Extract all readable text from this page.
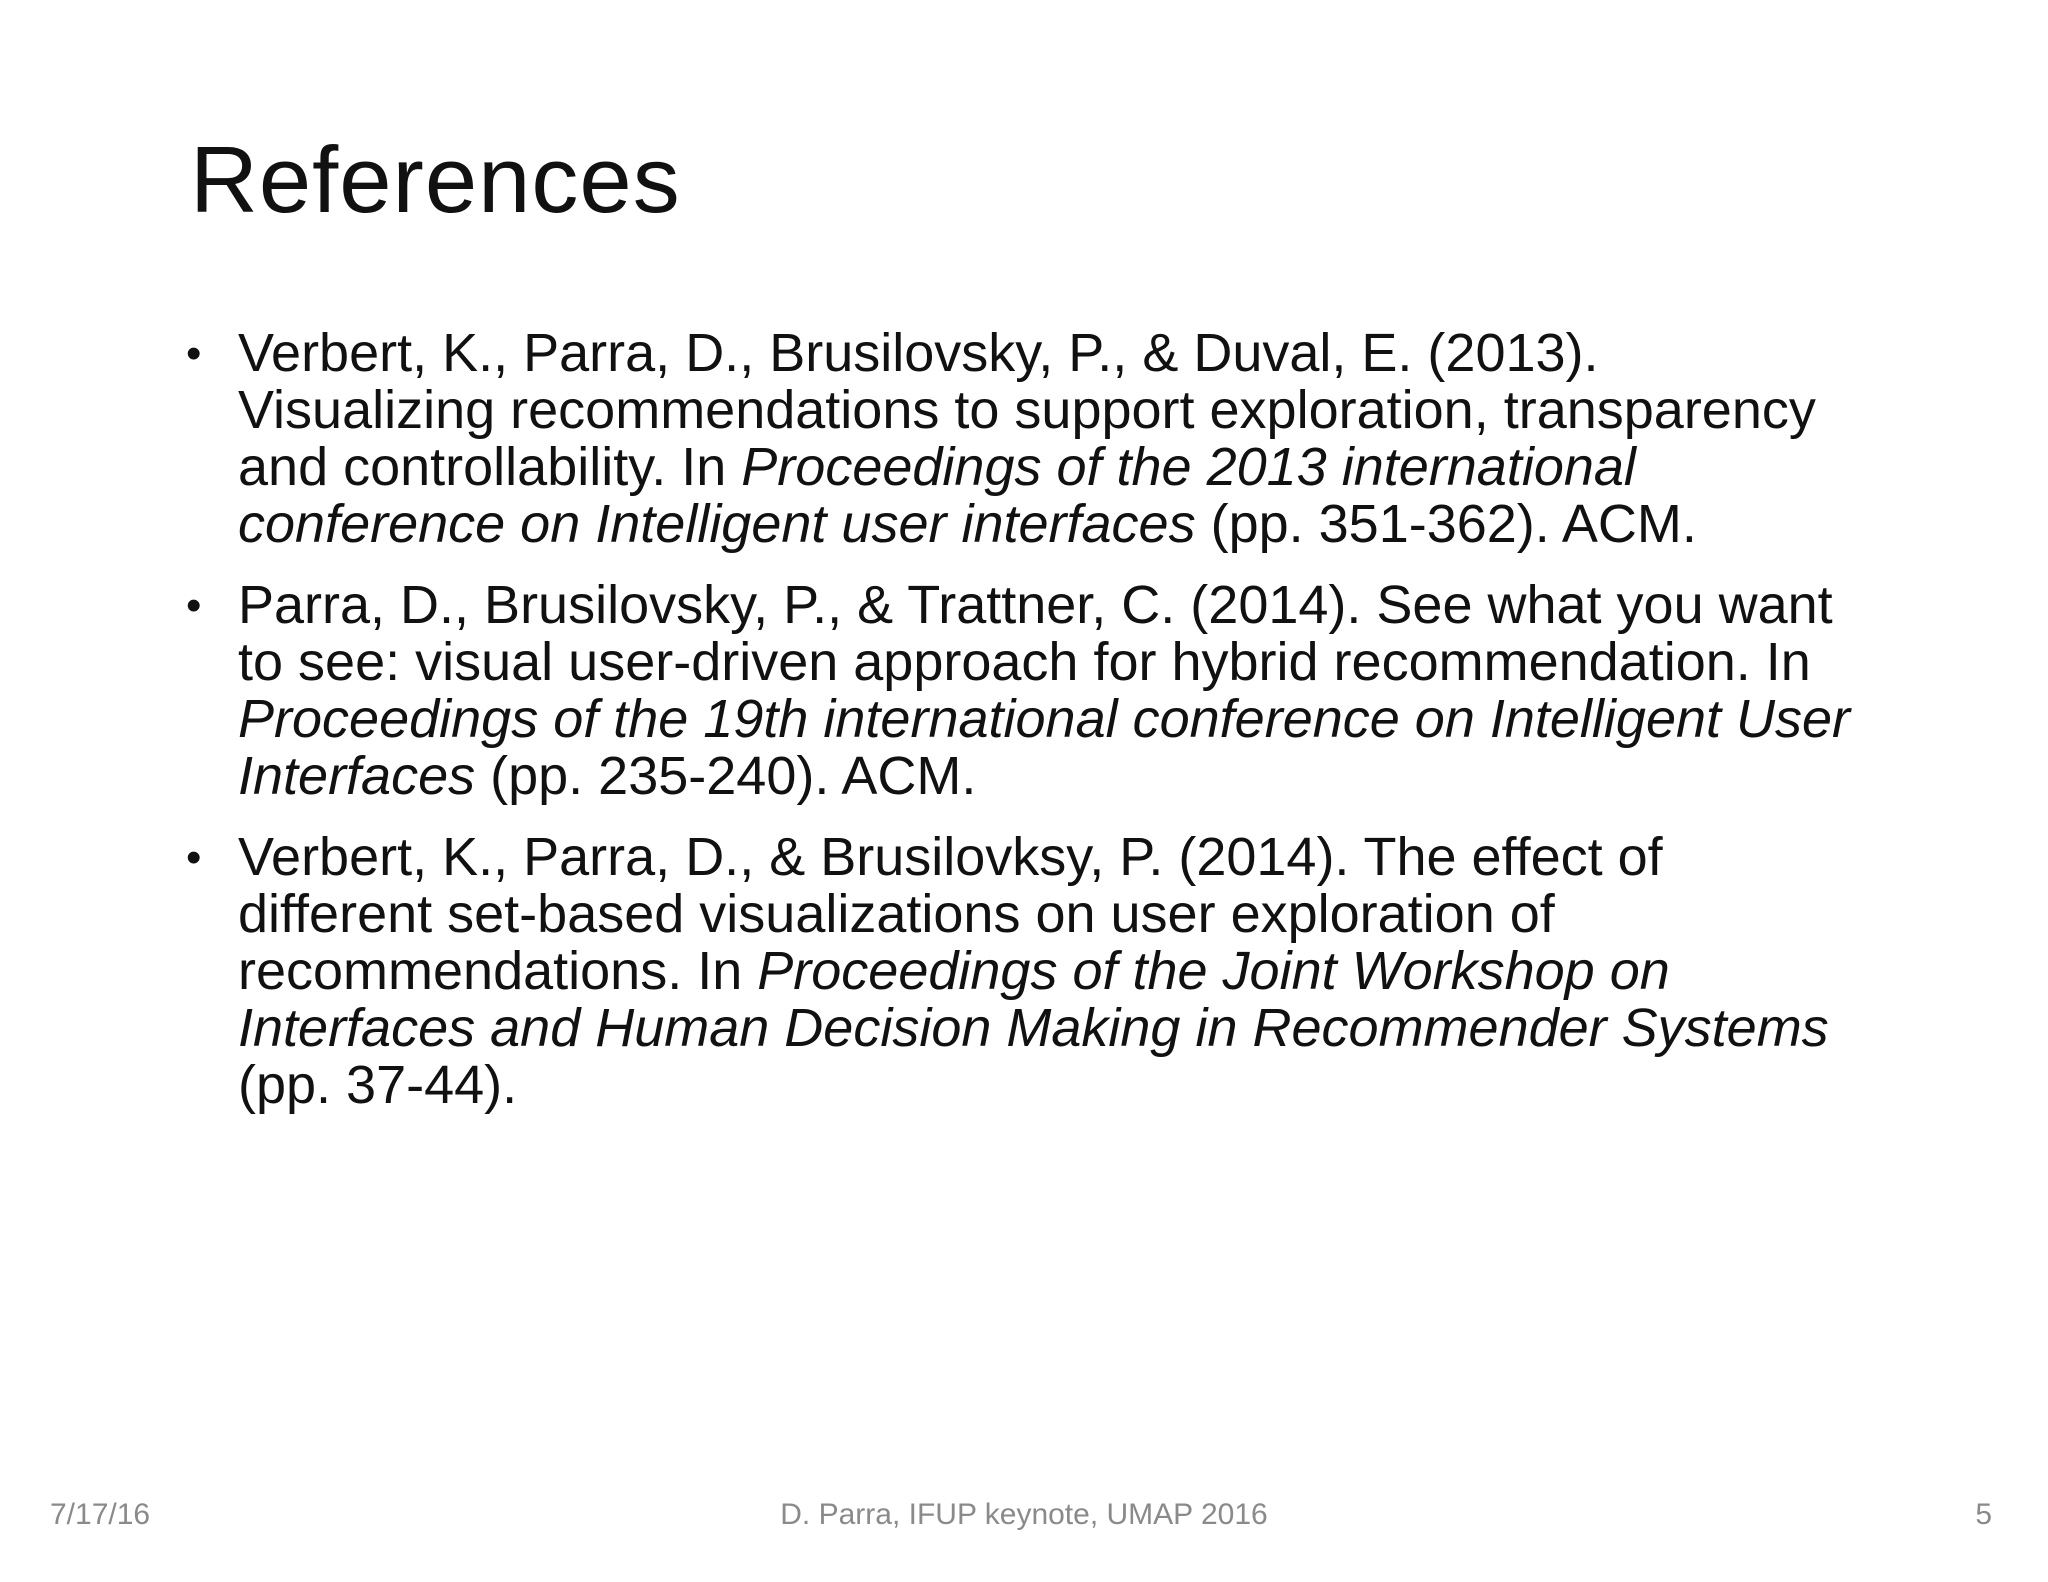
References
• Verbert, K., Parra, D., Brusilovsky, P., & Duval, E. (2013). Visualizing recommendations to support exploration, transparency and controllability. In Proceedings of the 2013 international conference on Intelligent user interfaces (pp. 351-362). ACM.
• Parra, D., Brusilovsky, P., & Trattner, C. (2014). See what you want to see: visual user-driven approach for hybrid recommendation. In Proceedings of the 19th international conference on Intelligent User Interfaces (pp. 235-240). ACM.
• Verbert, K., Parra, D., & Brusilovksy, P. (2014). The effect of different set-based visualizations on user exploration of recommendations. In Proceedings of the Joint Workshop on Interfaces and Human Decision Making in Recommender Systems (pp. 37-44).
7/17/16	D. Parra, IFUP keynote, UMAP 2016	5
